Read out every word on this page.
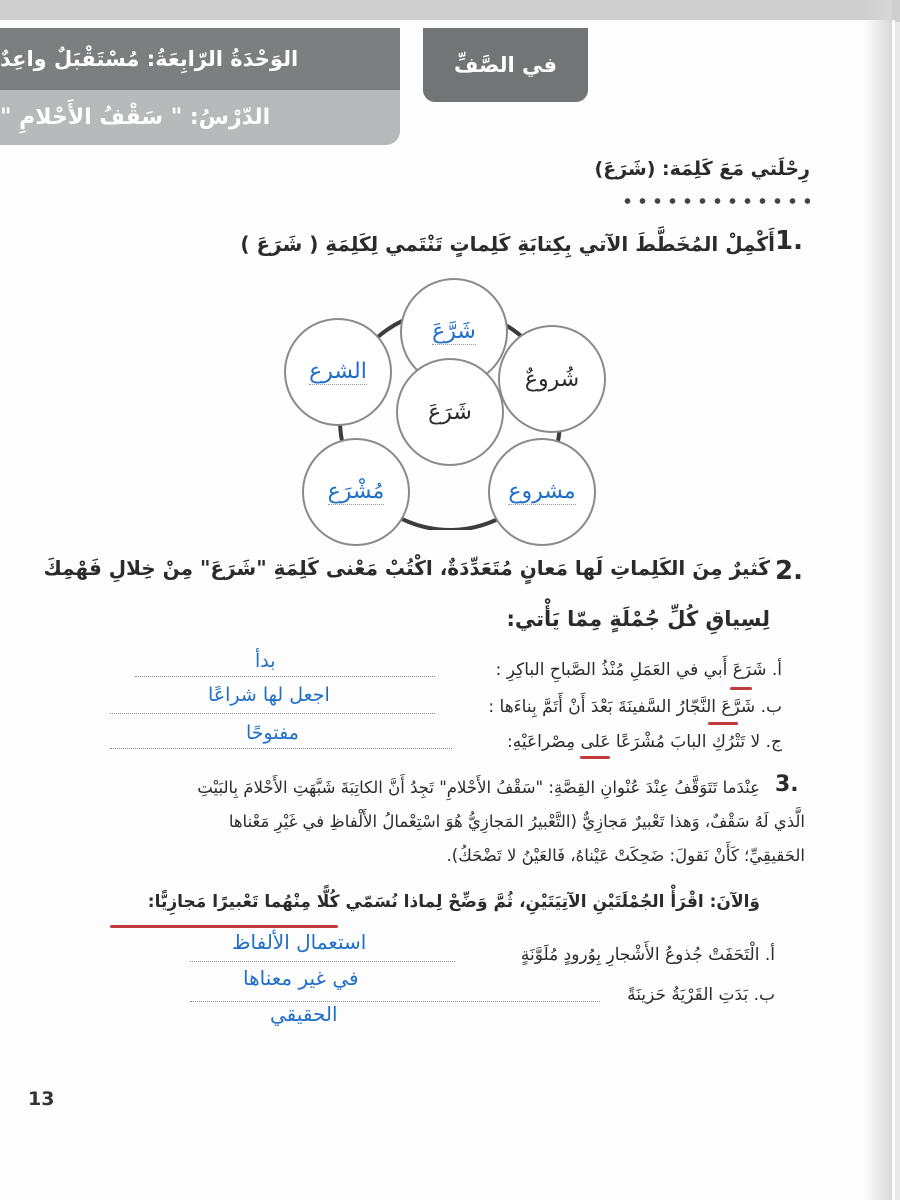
الوَحْدَةُ الرّابِعَةُ: مُسْتَقْبَلٌ واعِدٌ
الدّرْسُ: " سَقْفُ الأَحْلامِ "
في الصَّفِّ
رِحْلَتي مَعَ كَلِمَة: (شَرَعَ)
1.
أَكْمِلْ المُخَطَّطَ الآتي بِكِتابَةِ كَلِماتٍ تَنْتَمي لِكَلِمَةِ ( شَرَعَ )
شَرَّعَ
الشرع	شُروعٌ
شَرَعَ
مُشْرَع	مشروع
2.
كَثيرٌ مِنَ الكَلِماتِ لَها مَعانٍ مُتَعَدِّدَةٌ، اكْتُبْ مَعْنى كَلِمَةِ "شَرَعَ" مِنْ خِلالِ فَهْمِكَ
لِسِياقِ كُلِّ جُمْلَةٍ مِمّا يَأْتي:
أ. شَرَعَ أَبي في العَمَلِ مُنْذُ الصَّباحِ الباكِرِ :
بدأ
ب. شَرَّعَ النَّجّارُ السَّفينَةَ بَعْدَ أَنْ أَتَمَّ بِناءَها :
اجعل لها شراعًا
ج. لا تَتْرُكِ البابَ مُشْرَعًا عَلى مِصْراعَيْهِ:
مفتوحًا
3.
عِنْدَما تَتَوَقَّفُ عِنْدَ عُنْوانِ القِصَّةِ: "سَقْفُ الأَحْلامِ" تَجِدُ أَنَّ الكاتِبَةَ شَبَّهَتِ الأَحْلامَ بِالبَيْتِ
الَّذي لَهُ سَقْفٌ، وَهذا تَعْبيرٌ مَجازِيٌّ (التَّعْبيرُ المَجازِيُّ هُوَ اسْتِعْمالُ الأَلْفاظِ في غَيْرِ مَعْناها
الحَقيقِيِّ؛ كَأَنْ نَقولَ: ضَحِكَتْ عَيْناهُ، فَالعَيْنُ لا تَضْحَكُ).
وَالآنَ: اقْرَأْ الجُمْلَتَيْنِ الآتِيَتَيْنِ، ثُمَّ وَضِّحْ لِماذا نُسَمّي كُلًّا مِنْهُما تَعْبيرًا مَجازِيًّا:
أ. الْتَحَفَتْ جُذوعُ الأَشْجارِ بِوُرودٍ مُلَوَّنَةٍ
ب. بَدَتِ القَرْيَةُ حَزينَةً
استعمال الألفاظ
في غير معناها
الحقيقي
13
